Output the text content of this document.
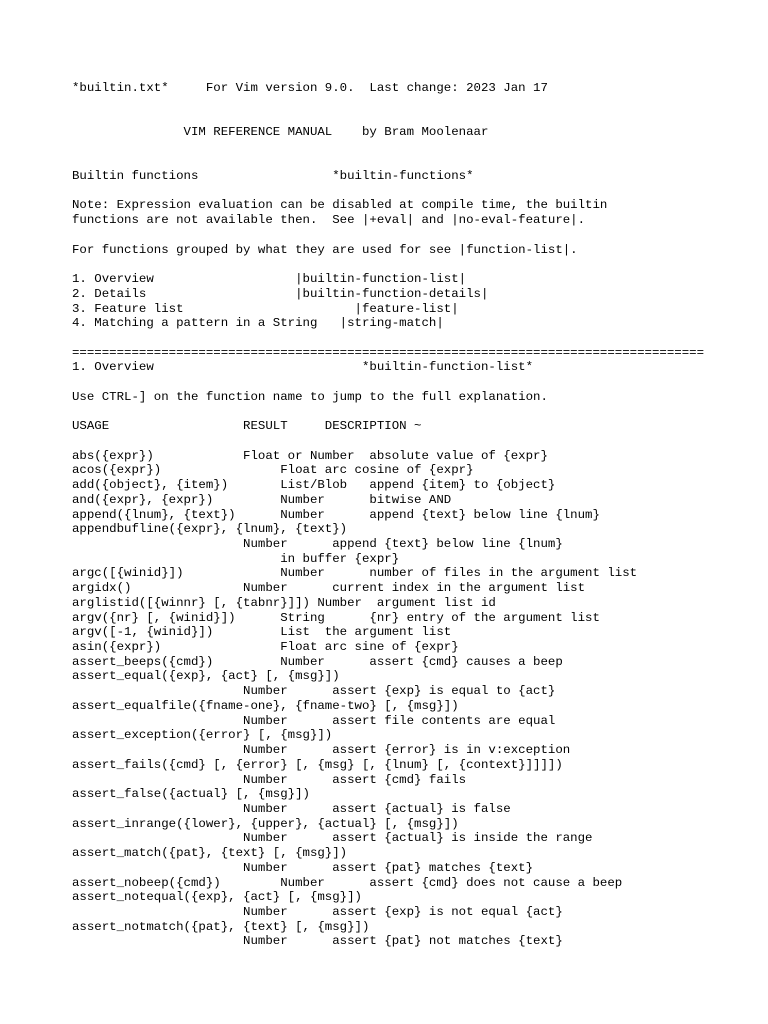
*builtin.txt*     For Vim version 9.0.  Last change: 2023 Jan 17
VIM REFERENCE MANUAL    by Bram Moolenaar
Builtin functions                  *builtin-functions*
Note: Expression evaluation can be disabled at compile time, the builtin
functions are not available then.  See |+eval| and |no-eval-feature|.
For functions grouped by what they are used for see |function-list|.
1. Overview                   |builtin-function-list|
2. Details                    |builtin-function-details|
3. Feature list                       |feature-list|
4. Matching a pattern in a String   |string-match|
=====================================================================================
1. Overview                            *builtin-function-list*
Use CTRL-] on the function name to jump to the full explanation.
USAGE                  RESULT     DESCRIPTION ~
abs({expr})            Float or Number  absolute value of {expr}
acos({expr})                Float arc cosine of {expr}
add({object}, {item})       List/Blob   append {item} to {object}
and({expr}, {expr})         Number      bitwise AND
append({lnum}, {text})      Number      append {text} below line {lnum}
appendbufline({expr}, {lnum}, {text})
Number      append {text} below line {lnum}
in buffer {expr}
argc([{winid}])             Number      number of files in the argument list
argidx()               Number      current index in the argument list
arglistid([{winnr} [, {tabnr}]]) Number  argument list id
argv({nr} [, {winid}])      String      {nr} entry of the argument list
argv([-1, {winid}])         List  the argument list
asin({expr})                Float arc sine of {expr}
assert_beeps({cmd})         Number      assert {cmd} causes a beep
assert_equal({exp}, {act} [, {msg}])
Number      assert {exp} is equal to {act}
assert_equalfile({fname-one}, {fname-two} [, {msg}])
Number      assert file contents are equal
assert_exception({error} [, {msg}])
Number      assert {error} is in v:exception
assert_fails({cmd} [, {error} [, {msg} [, {lnum} [, {context}]]]])
Number      assert {cmd} fails
assert_false({actual} [, {msg}])
Number      assert {actual} is false
assert_inrange({lower}, {upper}, {actual} [, {msg}])
Number      assert {actual} is inside the range
assert_match({pat}, {text} [, {msg}])
Number      assert {pat} matches {text}
assert_nobeep({cmd})        Number      assert {cmd} does not cause a beep
assert_notequal({exp}, {act} [, {msg}])
Number      assert {exp} is not equal {act}
assert_notmatch({pat}, {text} [, {msg}])
Number      assert {pat} not matches {text}
